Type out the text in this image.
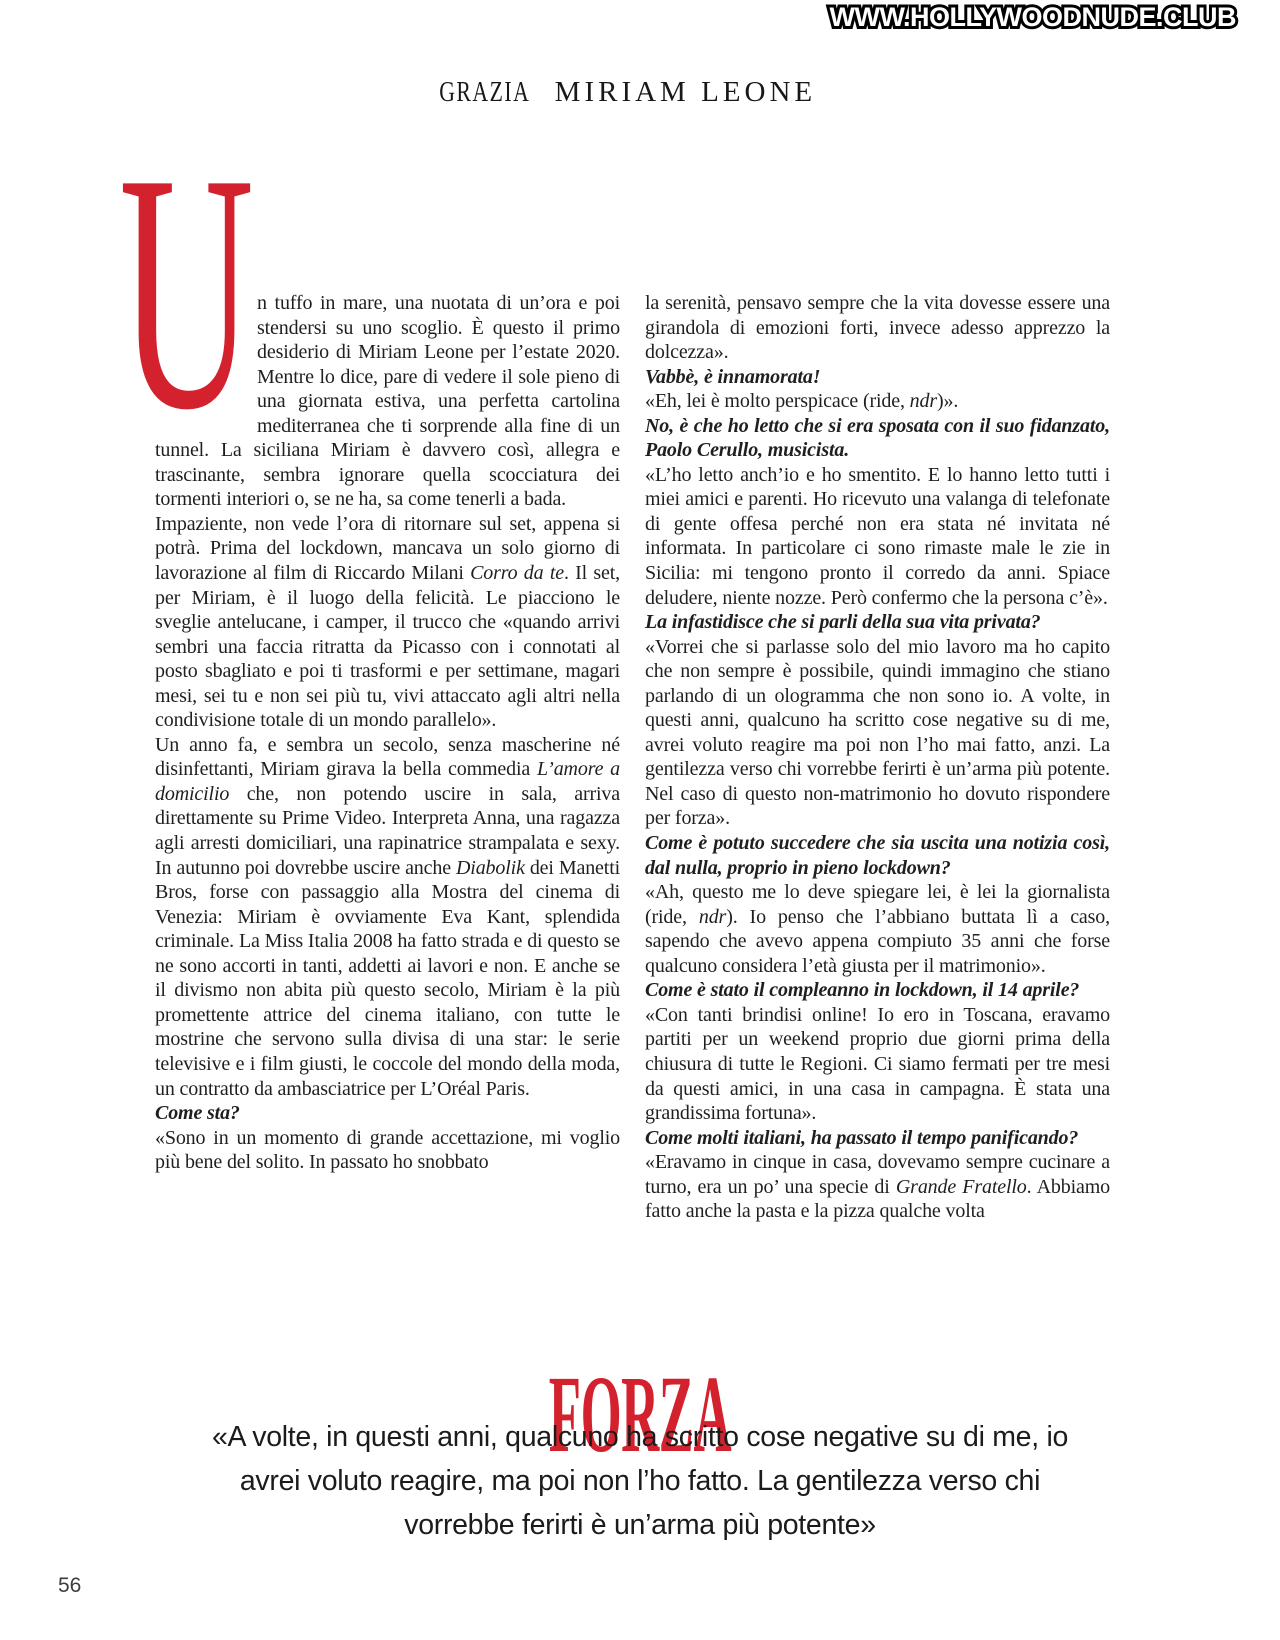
WWW.HOLLYWOODNUDE.CLUB
GRAZIA MIRIAM LEONE
U n tuffo in mare, una nuotata di un’ora e poi stendersi su uno scoglio. È questo il primo desiderio di Miriam Leone per l’estate 2020. Mentre lo dice, pare di vedere il sole pieno di una giornata estiva, una perfetta cartolina mediterranea che ti sorprende alla fine di un tunnel. La siciliana Miriam è davvero così, allegra e trascinante, sembra ignorare quella scocciatura dei tormenti interiori o, se ne ha, sa come tenerli a bada.

Impaziente, non vede l’ora di ritornare sul set, appena si potrà. Prima del lockdown, mancava un solo giorno di lavorazione al film di Riccardo Milani Corro da te. Il set, per Miriam, è il luogo della felicità. Le piacciono le sveglie antelucane, i camper, il trucco che «quando arrivi sembri una faccia ritratta da Picasso con i connotati al posto sbagliato e poi ti trasformi e per settimane, magari mesi, sei tu e non sei più tu, vivi attaccato agli altri nella condivisione totale di un mondo parallelo».

Un anno fa, e sembra un secolo, senza mascherine né disinfettanti, Miriam girava la bella commedia L’amore a domicilio che, non potendo uscire in sala, arriva direttamente su Prime Video. Interpreta Anna, una ragazza agli arresti domiciliari, una rapinatrice strampalata e sexy. In autunno poi dovrebbe uscire anche Diabolik dei Manetti Bros, forse con passaggio alla Mostra del cinema di Venezia: Miriam è ovviamente Eva Kant, splendida criminale. La Miss Italia 2008 ha fatto strada e di questo se ne sono accorti in tanti, addetti ai lavori e non. E anche se il divismo non abita più questo secolo, Miriam è la più promettente attrice del cinema italiano, con tutte le mostrine che servono sulla divisa di una star: le serie televisive e i film giusti, le coccole del mondo della moda, un contratto da ambasciatrice per L’Oréal Paris.

Come sta?

«Sono in un momento di grande accettazione, mi voglio più bene del solito. In passato ho snobbato

la serenità, pensavo sempre che la vita dovesse essere una girandola di emozioni forti, invece adesso apprezzo la dolcezza».

Vabbè, è innamorata!

«Eh, lei è molto perspicace (ride, ndr)».

No, è che ho letto che si era sposata con il suo fidanzato, Paolo Cerullo, musicista.

«L’ho letto anch’io e ho smentito. E lo hanno letto tutti i miei amici e parenti. Ho ricevuto una valanga di telefonate di gente offesa perché non era stata né invitata né informata. In particolare ci sono rimaste male le zie in Sicilia: mi tengono pronto il corredo da anni. Spiace deludere, niente nozze. Però confermo che la persona c’è».

La infastidisce che si parli della sua vita privata?

«Vorrei che si parlasse solo del mio lavoro ma ho capito che non sempre è possibile, quindi immagino che stiano parlando di un ologramma che non sono io. A volte, in questi anni, qualcuno ha scritto cose negative su di me, avrei voluto reagire ma poi non l’ho mai fatto, anzi. La gentilezza verso chi vorrebbe ferirti è un’arma più potente. Nel caso di questo non-matrimonio ho dovuto rispondere per forza».

Come è potuto succedere che sia uscita una notizia così, dal nulla, proprio in pieno lockdown?

«Ah, questo me lo deve spiegare lei, è lei la giornalista (ride, ndr). Io penso che l’abbiano buttata lì a caso, sapendo che avevo appena compiuto 35 anni che forse qualcuno considera l’età giusta per il matrimonio».

Come è stato il compleanno in lockdown, il 14 aprile?

«Con tanti brindisi online! Io ero in Toscana, eravamo partiti per un weekend proprio due giorni prima della chiusura di tutte le Regioni. Ci siamo fermati per tre mesi da questi amici, in una casa in campagna. È stata una grandissima fortuna».

Come molti italiani, ha passato il tempo panificando?

«Eravamo in cinque in casa, dovevamo sempre cucinare a turno, era un po’ una specie di Grande Fratello. Abbiamo fatto anche la pasta e la pizza qualche volta

FORZA
«A volte, in questi anni, qualcuno ha scritto cose negative su di me, io avrei voluto reagire, ma poi non l’ho fatto. La gentilezza verso chi vorrebbe ferirti è un’arma più potente»
56
